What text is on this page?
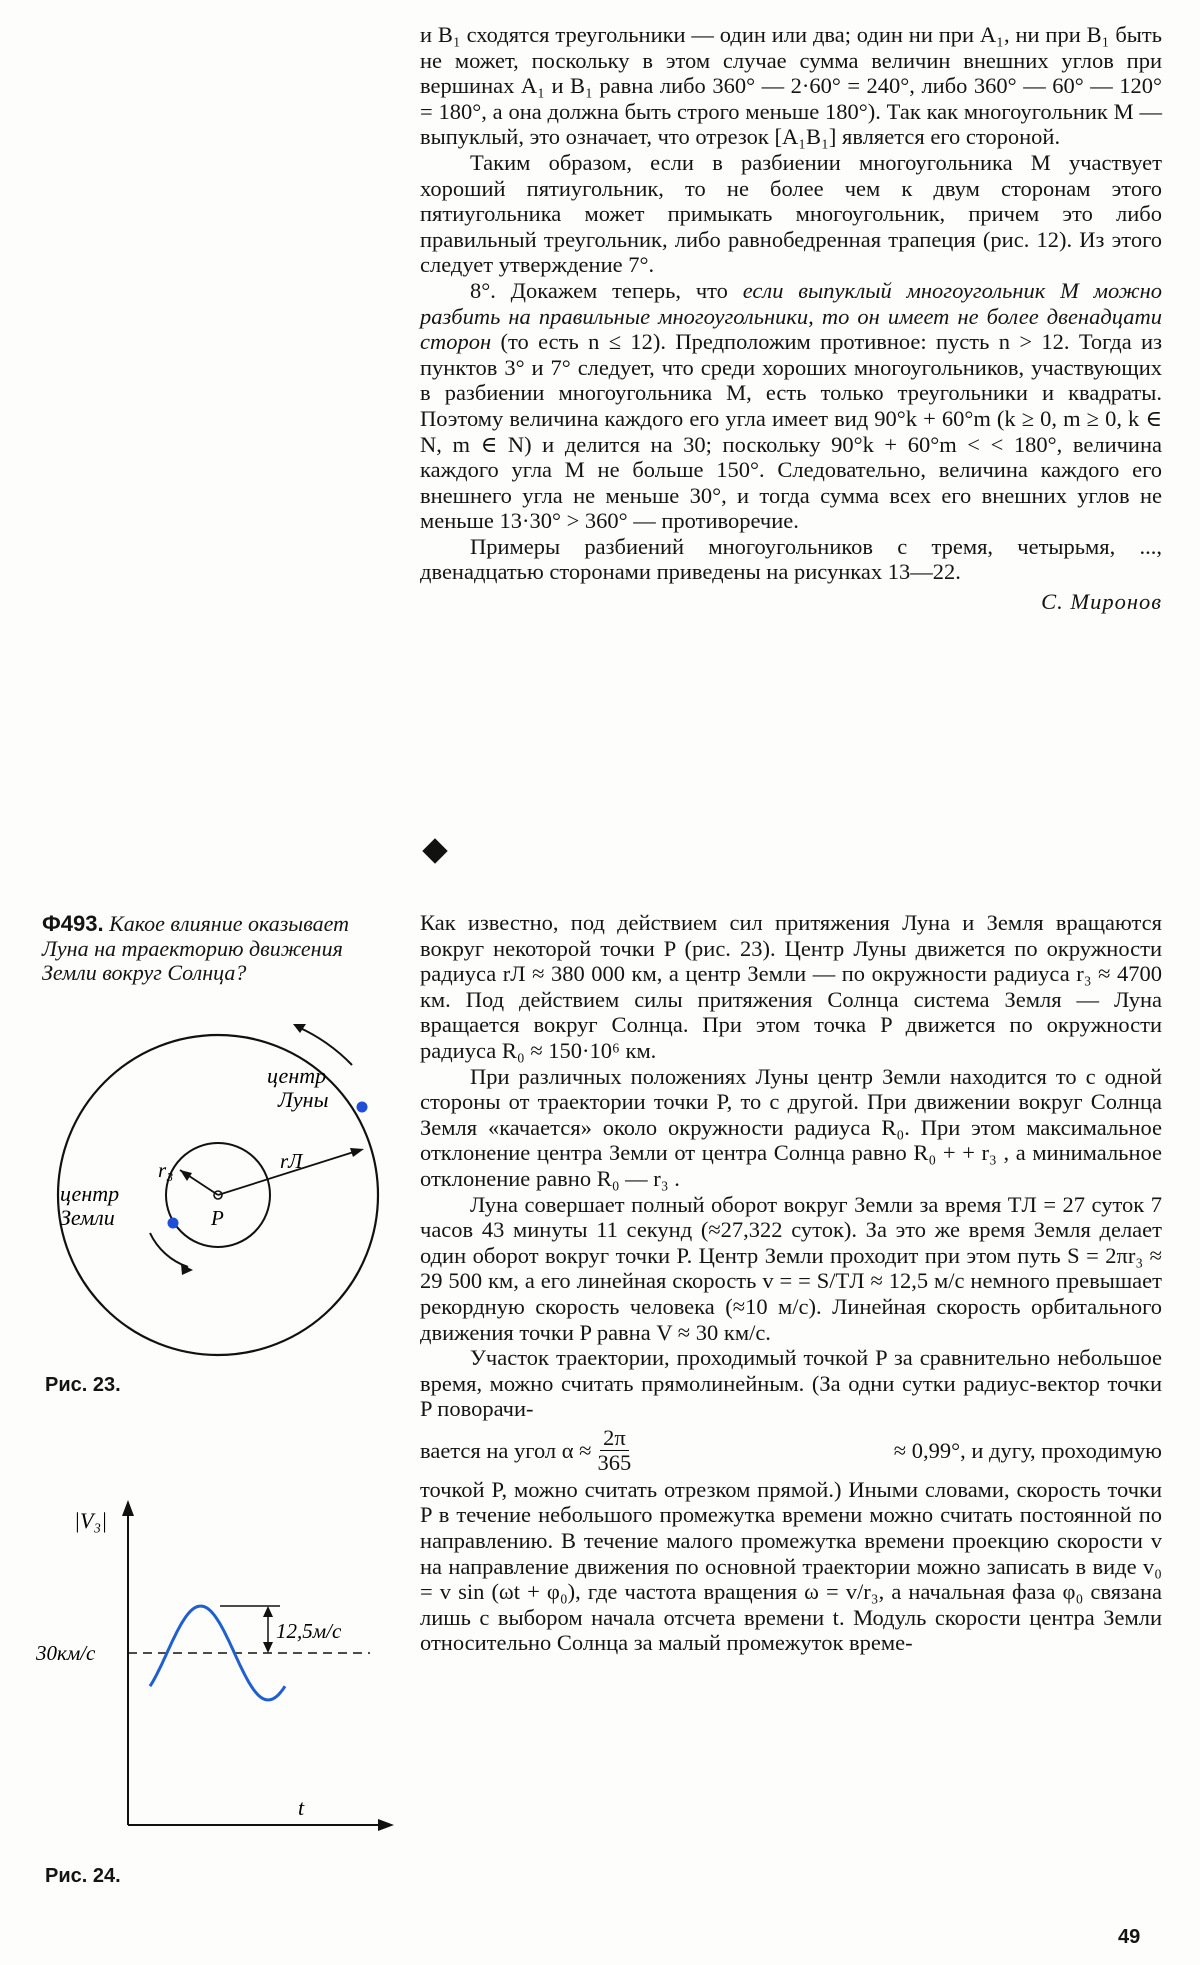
и B₁ сходятся треугольники — один или два; один ни при A₁, ни при B₁ быть не может, поскольку в этом случае сумма величин внешних углов при вершинах A₁ и B₁ равна либо 360° — 2·60° = 240°, либо 360° — 60° — 120° = 180°, а она должна быть строго меньше 180°). Так как многоугольник M — выпуклый, это означает, что отрезок [A₁B₁] является его стороной.

Таким образом, если в разбиении многоугольника M участвует хороший пятиугольник, то не более чем к двум сторонам этого пятиугольника может примыкать многоугольник, причем это либо правильный треугольник, либо равнобедренная трапеция (рис. 12). Из этого следует утверждение 7°.

8°. Докажем теперь, что если выпуклый многоугольник M можно разбить на правильные многоугольники, то он имеет не более двенадцати сторон (то есть n ≤ 12). Предположим противное: пусть n > 12. Тогда из пунктов 3° и 7° следует, что среди хороших многоугольников, участвующих в разбиении многоугольника M, есть только треугольники и квадраты. Поэтому величина каждого его угла имеет вид 90°k + 60°m (k ≥ 0, m ≥ 0, k ∈ N, m ∈ N) и делится на 30; поскольку 90°k + 60°m < < 180°, величина каждого угла M не больше 150°. Следовательно, величина каждого его внешнего угла не меньше 30°, и тогда сумма всех его внешних углов не меньше 13·30° > 360° — противоречие.

Примеры разбиений многоугольников с тремя, четырьмя, ..., двенадцатью сторонами приведены на рисунках 13—22.

С. Миронов

Ф493. Какое влияние оказывает Луна на траекторию движения Земли вокруг Солнца?
центр
Луны
центр
Земли
r₃	rЛ
P
Рис. 23.
|V₃|
t
30км/с
12,5м/с
Рис. 24.

Как известно, под действием сил притяжения Луна и Земля вращаются вокруг некоторой точки P (рис. 23). Центр Луны движется по окружности радиуса rЛ ≈ 380 000 км, а центр Земли — по окружности радиуса r₃ ≈ 4700 км. Под действием силы притяжения Солнца система Земля — Луна вращается вокруг Солнца. При этом точка P движется по окружности радиуса R₀ ≈ 150·10⁶ км.

При различных положениях Луны центр Земли находится то с одной стороны от траектории точки P, то с другой. При движении вокруг Солнца Земля «качается» около окружности радиуса R₀. При этом максимальное отклонение центра Земли от центра Солнца равно R₀ + + r₃ , а минимальное отклонение равно R₀ — r₃ .

Луна совершает полный оборот вокруг Земли за время TЛ = 27 суток 7 часов 43 минуты 11 секунд (≈27,322 суток). За это же время Земля делает один оборот вокруг точки P. Центр Земли проходит при этом путь S = 2πr₃ ≈ 29 500 км, а его линейная скорость v = = S/TЛ ≈ 12,5 м/с немного превышает рекордную скорость человека (≈10 м/с). Линейная скорость орбитального движения точки P равна V ≈ 30 км/с.

Участок траектории, проходимый точкой P за сравнительно небольшое время, можно считать прямолинейным. (За одни сутки радиус-вектор точки P поворачи-

вается на угол $\alpha \approx \frac{2\pi}{365}$	≈ 0,99°, и дугу, проходимую

точкой P, можно считать отрезком прямой.) Иными словами, скорость точки P в течение небольшого промежутка времени можно считать постоянной по направлению. В течение малого промежутка времени проекцию скорости v на направление движения по основной траектории можно записать в виде v₀ = v sin (ωt + φ₀), где частота вращения ω = v/r₃, а начальная фаза φ₀ связана лишь с выбором начала отсчета времени t. Модуль скорости центра Земли относительно Солнца за малый промежуток време-

49
